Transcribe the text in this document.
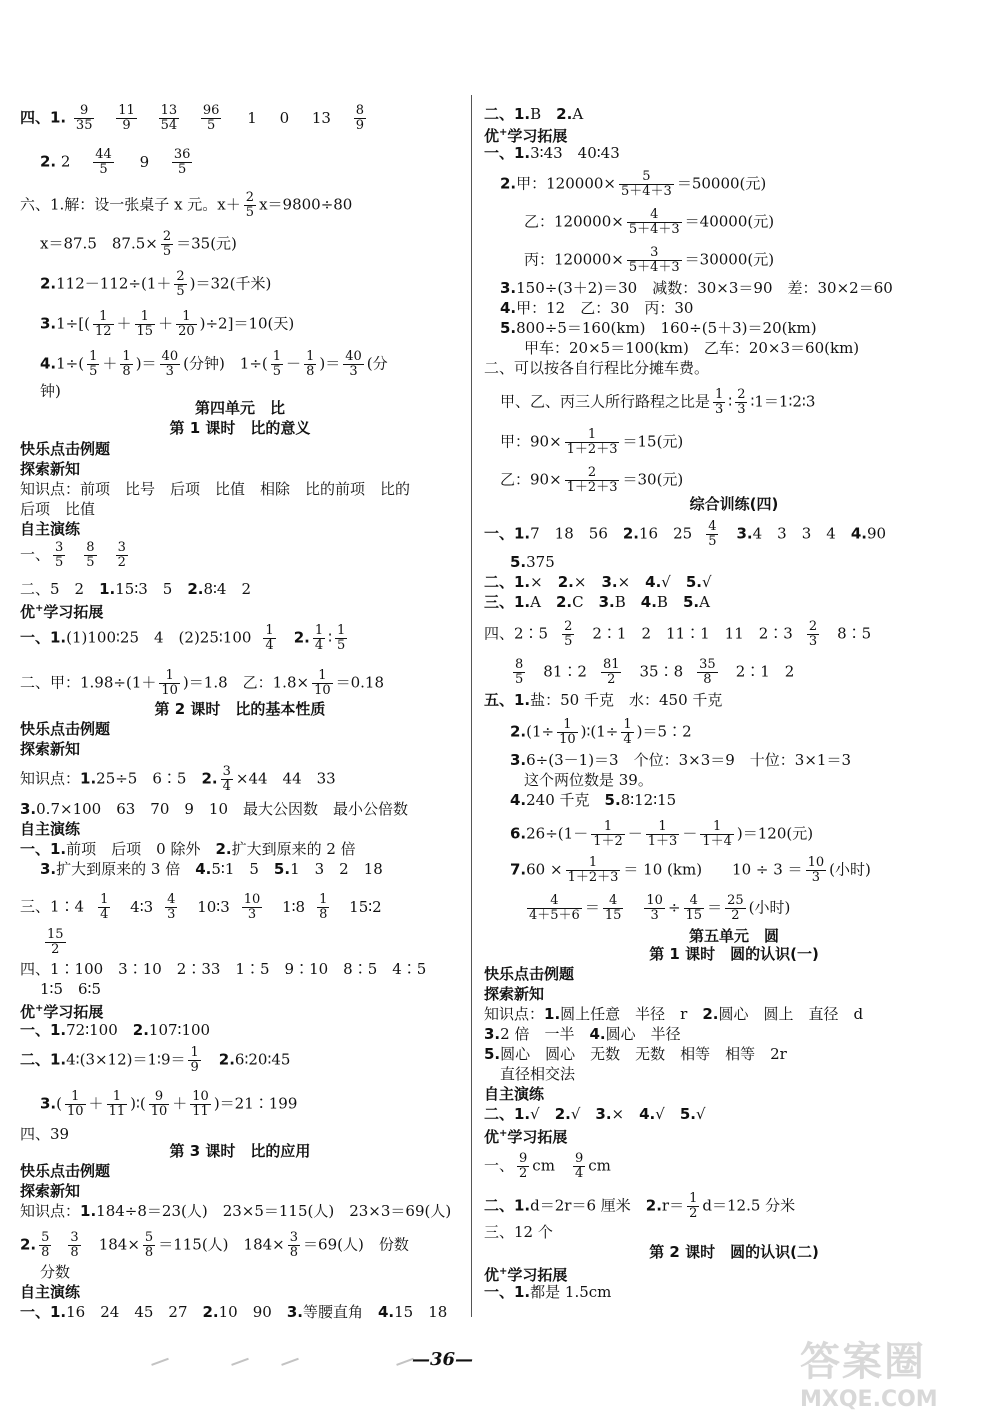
四、1. $\frac{9}{35}$
$\frac{11}{9}$
$\frac{13}{54}$
$\frac{96}{5} 1$ 0 $13 \frac{8}{9}$
2. $2 \frac{44}{5} 9 \frac{36}{5}$
六、1.解：设一张桌子 x 元。$x+ \frac{2}{5} x=9800\div 80$
x＝87.5　$87.5\times \frac{2}{5} =35$(元)
$2.112-112\div(1+ \frac{2}{5} )=32$(千米)
$3.1\div[( \frac{1}{12} + \frac{1}{15} + \frac{1}{20} )\div 2]=10$(天)
$4.1\div( \frac{1}{5} + \frac{1}{8}$ )＝ $\frac{40}{3}$ (分钟)　$1\div( \frac{1}{5} - \frac{1}{8}$ )＝ $\frac{40}{3}$ (分
钟)
第四单元　比
第 1 课时　比的意义
快乐点击例题
探索新知
知识点：前项　比号　后项　比值　相除　比的前项　比的
后项　比值
自主演练
一、 $\frac{3}{5} \frac{8}{5} \frac{3}{2}$
二、5　2　1.15∶3　5　2.8∶4　2
优+学习拓展
一、1.(1)100∶25　4　(2)25∶100 $\frac{1}{4}$
　 2. $\frac{1}{4}$ ∶ $\frac{1}{5}$
二、甲：$1.98\div(1+ \frac{1}{10} )=1.8$　乙：$1.8\times \frac{1}{10} =0.18$
第 2 课时　比的基本性质
快乐点击例题
探索新知
知识点：1.25÷5　6∶5　2. $\frac{3}{4} \times 44$　44　33
3.0.7×100　63　70　9　10　最大公因数　最小公倍数
自主演练
一、1.前项　后项　0 除外　2.扩大到原来的 2 倍
3.扩大到原来的 3 倍　4.5∶1　5　5.1　3　2　18
三、1∶4 $\frac{1}{4}$ 4∶3 $\frac{4}{3}$ 10∶3 $\frac{10}{3}$ 1∶8 $\frac{1}{8}$ 15∶2
$\frac{15}{2}$
四、1∶100　3∶10　2∶33　1∶5　9∶10　8∶5　4∶5
1∶5　6∶5
优+学习拓展
一、1.72∶100　2.107∶100
二、1.4∶(3×12)＝1∶9＝ $\frac{1}{9}$
　 2.6∶20∶45
$3.( \frac{1}{10} + \frac{1}{11}$ )∶( $\frac{9}{10} + \frac{10}{11}$ )＝21∶199
四、39
第 3 课时　比的应用
快乐点击例题
探索新知
知识点：1.184÷8＝23(人)　23×5＝115(人)　23×3＝69(人)
2. $\frac{5}{8} \frac{3}{8}$
　 $184\times \frac{5}{8} =115$(人)　$184\times \frac{3}{8} =69$(人)　份数
分数
自主演练
一、1.16　24　45　27　2.10　90　3.等腰直角　4.15　18
二、1.B　2.A
优+学习拓展
一、1.3∶43　40∶43
2.甲：$120000\times \frac{5}{5+4+3} =50000$(元)
乙：$120000\times \frac{4}{5+4+3} =40000$(元)
丙：$120000\times \frac{3}{5+4+3} =30000$(元)
3.150÷(3＋2)＝30　减数：30×3＝90　差：30×2＝60
4.甲：12　乙：30　丙：30
5.800÷5＝160(km)　160÷(5＋3)＝20(km)
甲车：20×5＝100(km)　乙车：20×3＝60(km)
二、可以按各自行程比分摊车费。
甲、乙、丙三人所行路程之比是 $\frac{1}{3}$ ∶ $\frac{2}{3}$ ∶1＝1∶2∶3
甲：$90\times \frac{1}{1+2+3} =15$(元)
乙：$90\times \frac{2}{1+2+3} =30$(元)
综合训练(四)
一、1.7　18　56　2.16　$25 \frac{4}{5}$
　 3.4　3　3　4　4.90
5.375
二、1.×　2.×　3.×　4.√　5.√
三、1.A　2.C　3.B　4.B　5.A
四、2∶5 $\frac{2}{5}$
　 2∶1　2　11∶1　11　2∶3 $\frac{2}{3}$
　 8∶5
$\frac{8}{5}$
　 81∶2 $\frac{81}{2}$
　 35∶8 $\frac{35}{8}$
　 2∶1　2
五、1.盐：50 千克　水：450 千克
$2.(1\div \frac{1}{10}$ )∶(1÷ $\frac{1}{4}$ )＝5∶2
3.6÷(3－1)＝3　个位：3×3＝9　十位：3×1＝3
这个两位数是 39。
4.240 千克　5.8∶12∶15
$6.26\div(1- \frac{1}{1+2} - \frac{1}{1+3} - \frac{1}{1+4} )=120$(元)
$7.60 \times \frac{1}{1+2+3} = 10$ (km)　　$10 \div 3 = \frac{10}{3}$ (小时)
$\frac{4}{4+5+6} = \frac{4}{15}$
　 $\frac{10}{3} \div \frac{4}{15} = \frac{25}{2}$ (小时)
第五单元　圆
第 1 课时　圆的认识(一)
快乐点击例题
探索新知
知识点：1.圆上任意　半径　r　2.圆心　圆上　直径　d
3.2 倍　一半　4.圆心　半径
5.圆心　圆心　无数　无数　相等　相等　2r
直径相交法
自主演练
二、1.√　2.√　3.×　4.√　5.√
优+学习拓展
一、 $\frac{9}{2}$ cm　 $\frac{9}{4}$ cm
二、1.d＝2r＝6 厘米　$2.r= \frac{1}{2} d=12.5$ 分米
三、12 个
第 2 课时　圆的认识(二)
优+学习拓展
一、1.都是 1.5cm
—36—	答案圈
MXQE.COM
